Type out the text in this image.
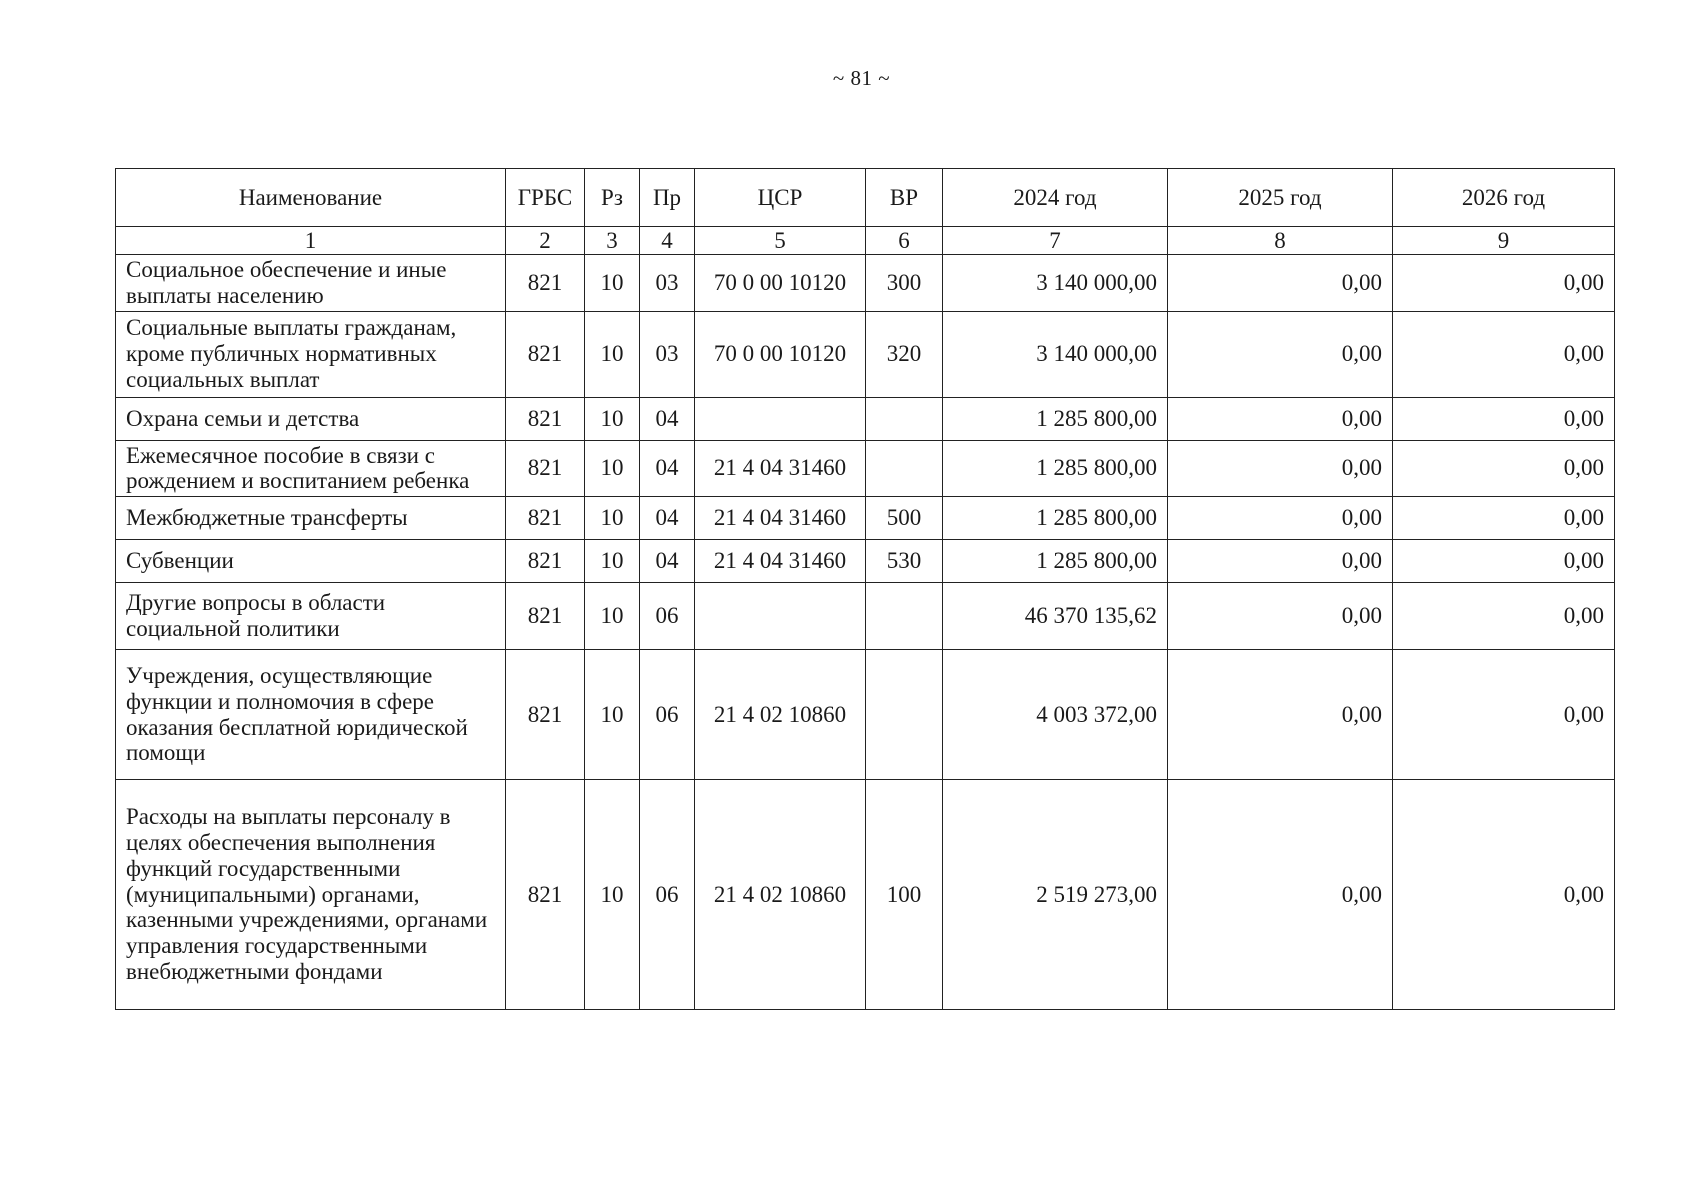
~ 81 ~
Наименование	ГРБС	Рз	Пр	ЦСР	ВР	2024 год	2025 год	2026 год
1	2	3	4	5	6	7	8	9
Социальное обеспечение и иные выплаты населению	821	10	03	70 0 00 10120	300	3 140 000,00	0,00	0,00
Социальные выплаты гражданам, кроме публичных нормативных социальных выплат	821	10	03	70 0 00 10120	320	3 140 000,00	0,00	0,00
Охрана семьи и детства	821	10	04			1 285 800,00	0,00	0,00
Ежемесячное пособие в связи с рождением и воспитанием ребенка	821	10	04	21 4 04 31460		1 285 800,00	0,00	0,00
Межбюджетные трансферты	821	10	04	21 4 04 31460	500	1 285 800,00	0,00	0,00
Субвенции	821	10	04	21 4 04 31460	530	1 285 800,00	0,00	0,00
Другие вопросы в области социальной политики	821	10	06			46 370 135,62	0,00	0,00
Учреждения, осуществляющие функции и полномочия в сфере оказания бесплатной юридической помощи	821	10	06	21 4 02 10860		4 003 372,00	0,00	0,00
Расходы на выплаты персоналу в целях обеспечения выполнения функций государственными (муниципальными) органами, казенными учреждениями, органами управления государственными внебюджетными фондами	821	10	06	21 4 02 10860	100	2 519 273,00	0,00	0,00
